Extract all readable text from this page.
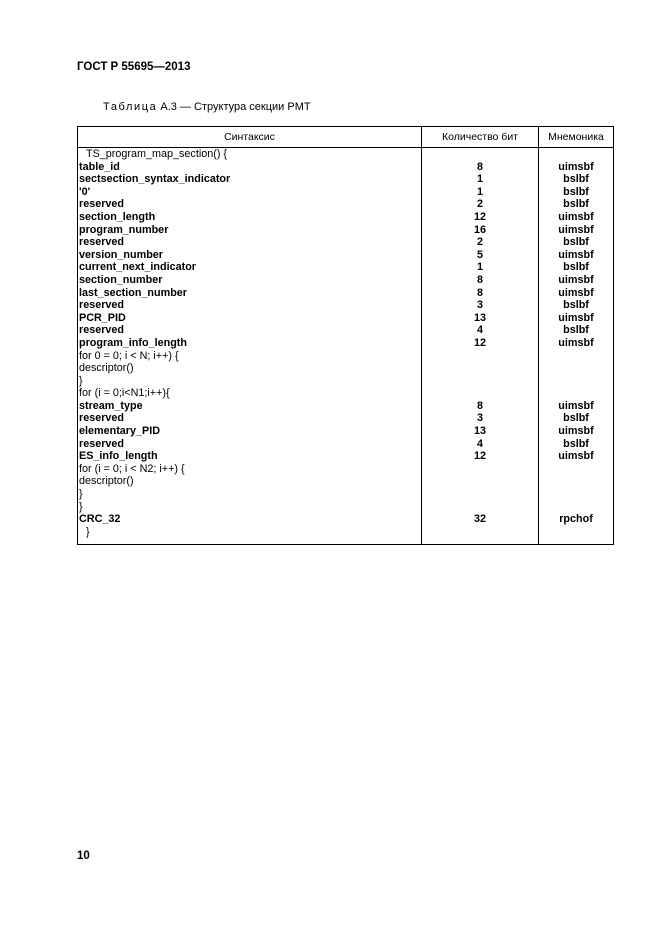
ГОСТ Р 55695—2013
Таблица А.3 — Структура секции PMT
Синтаксис	Количество бит	Мнемоника
TS_program_map_section() {		
table_id	8	uimsbf
sectsection_syntax_indicator	1	bslbf
'0'	1	bslbf
reserved	2	bslbf
section_length	12	uimsbf
program_number	16	uimsbf
reserved	2	bslbf
version_number	5	uimsbf
current_next_indicator	1	bslbf
section_number	8	uimsbf
last_section_number	8	uimsbf
reserved	3	bslbf
PCR_PID	13	uimsbf
reserved	4	bslbf
program_info_length	12	uimsbf
for 0 = 0; i < N; i++) {		
descriptor()		
}		
for (i = 0;i<N1;i++){		
stream_type	8	uimsbf
reserved	3	bslbf
elementary_PID	13	uimsbf
reserved	4	bslbf
ES_info_length	12	uimsbf
for (i = 0; i < N2; i++) {		
descriptor()		
}		
}		
CRC_32	32	rpchof
}		
10
